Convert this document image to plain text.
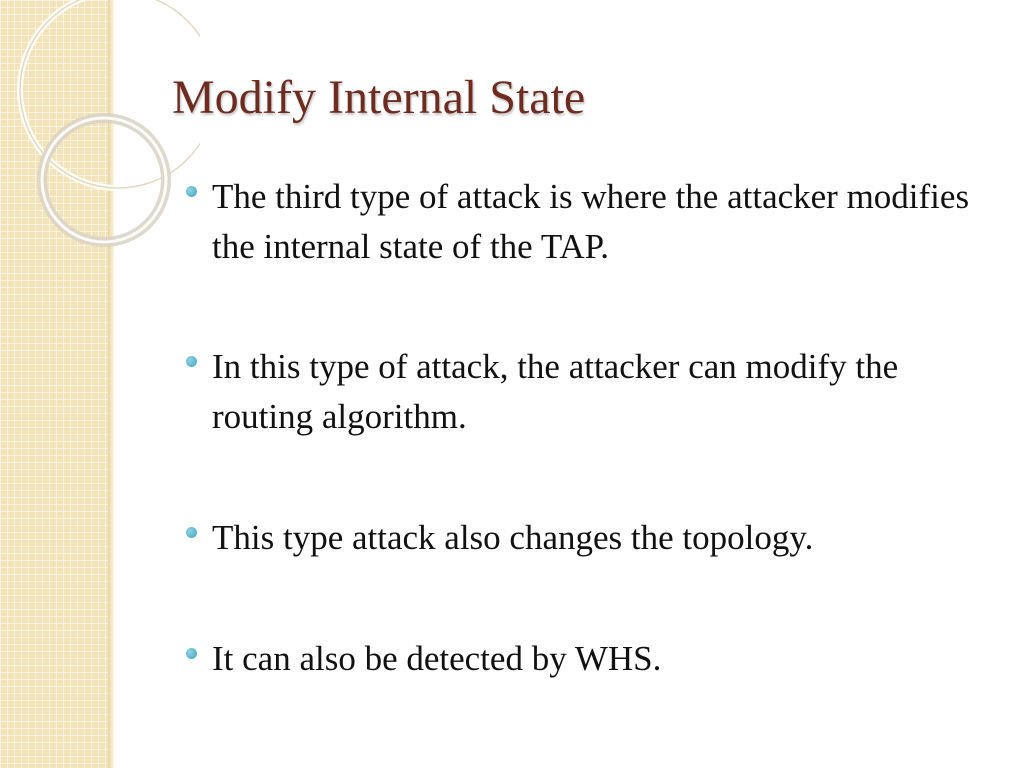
Modify Internal State
The third type of attack is where the attacker modifies the internal state of the TAP.
In this type of attack, the attacker can modify the routing algorithm.
This type attack also changes the topology.
It can also be detected by WHS.
